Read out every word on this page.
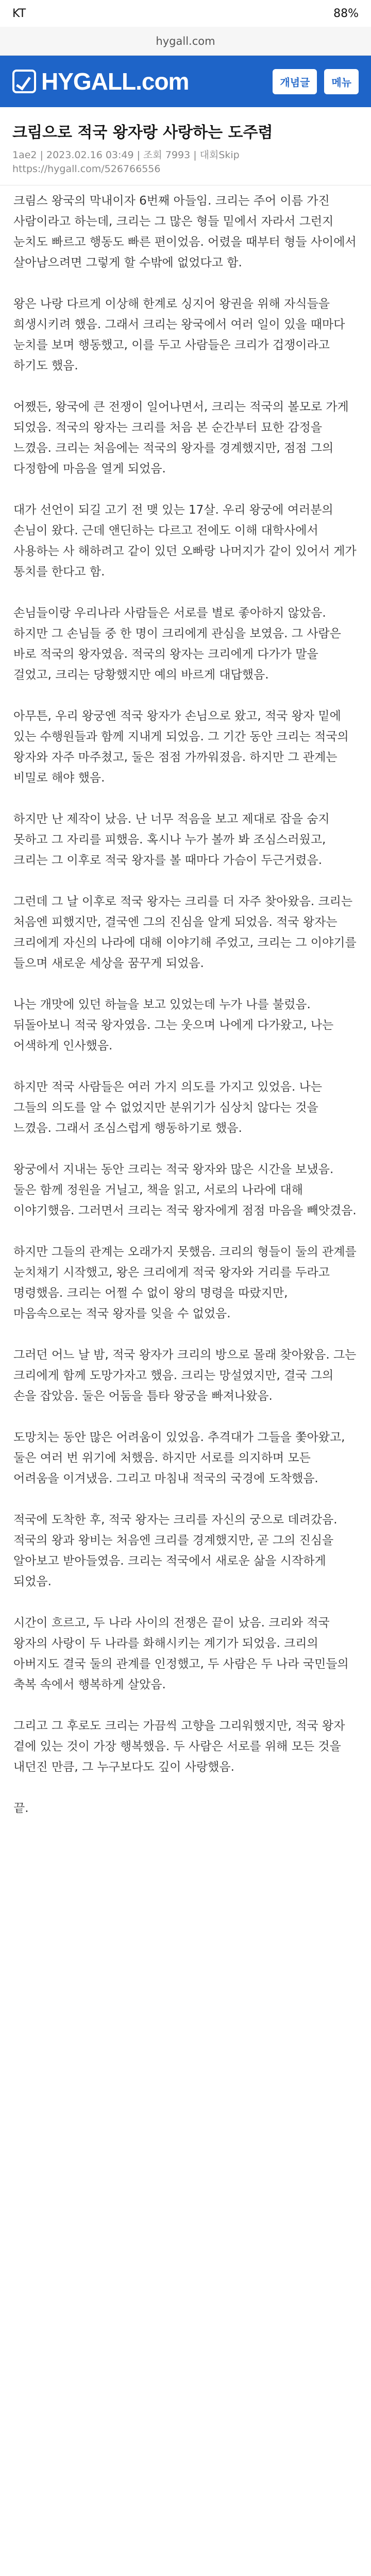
KT	88%
hygall.com
HYGALL.com	개념글	메뉴
크림으로 적국 왕자랑 사랑하는 도주렴
1ae2 | 2023.02.16 03:49 | 조회 7993 | 대회Skip
https://hygall.com/526766556

크림스 왕국의 막내이자 6번째 아들임. 크리는 주어 이름 가진 사람이라고 하는데, 크리는 그 많은 형들 밑에서 자라서 그런지 눈치도 빠르고 행동도 빠른 편이었음. 어렸을 때부터 형들 사이에서 살아남으려면 그렇게 할 수밖에 없었다고 함.

왕은 나랑 다르게 이상해 한계로 싱지어 왕권을 위해 자식들을 희생시키려 했음. 그래서 크리는 왕국에서 여러 일이 있을 때마다 눈치를 보며 행동했고, 이를 두고 사람들은 크리가 겁쟁이라고 하기도 했음.

어쨌든, 왕국에 큰 전쟁이 일어나면서, 크리는 적국의 볼모로 가게 되었음. 적국의 왕자는 크리를 처음 본 순간부터 묘한 감정을 느꼈음. 크리는 처음에는 적국의 왕자를 경계했지만, 점점 그의 다정함에 마음을 열게 되었음.

대가 선언이 되길 고기 전 맺 있는 17살. 우리 왕궁에 여러분의 손님이 왔다. 근데 앤딘하는 다르고 전에도 이해 대학사에서 사용하는 사 해하려고 같이 있던 오빠랑 나머지가 같이 있어서 게가 통치를 한다고 함.

손님들이랑 우리나라 사람들은 서로를 별로 좋아하지 않았음. 하지만 그 손님들 중 한 명이 크리에게 관심을 보였음. 그 사람은 바로 적국의 왕자였음. 적국의 왕자는 크리에게 다가가 말을 걸었고, 크리는 당황했지만 예의 바르게 대답했음.

아무튼, 우리 왕궁엔 적국 왕자가 손님으로 왔고, 적국 왕자 밑에 있는 수행원들과 함께 지내게 되었음. 그 기간 동안 크리는 적국의 왕자와 자주 마주쳤고, 둘은 점점 가까워졌음. 하지만 그 관계는 비밀로 해야 했음.

하지만 난 제작이 났음. 난 너무 적음을 보고 제대로 잡을 숨지 못하고 그 자리를 피했음. 혹시나 누가 볼까 봐 조심스러웠고, 크리는 그 이후로 적국 왕자를 볼 때마다 가슴이 두근거렸음.

그런데 그 날 이후로 적국 왕자는 크리를 더 자주 찾아왔음. 크리는 처음엔 피했지만, 결국엔 그의 진심을 알게 되었음. 적국 왕자는 크리에게 자신의 나라에 대해 이야기해 주었고, 크리는 그 이야기를 들으며 새로운 세상을 꿈꾸게 되었음.

나는 개맛에 있던 하늘을 보고 있었는데 누가 나를 불렀음. 뒤돌아보니 적국 왕자였음. 그는 웃으며 나에게 다가왔고, 나는 어색하게 인사했음.

하지만 적국 사람들은 여러 가지 의도를 가지고 있었음. 나는 그들의 의도를 알 수 없었지만 분위기가 심상치 않다는 것을 느꼈음. 그래서 조심스럽게 행동하기로 했음.

왕궁에서 지내는 동안 크리는 적국 왕자와 많은 시간을 보냈음. 둘은 함께 정원을 거닐고, 책을 읽고, 서로의 나라에 대해 이야기했음. 그러면서 크리는 적국 왕자에게 점점 마음을 빼앗겼음.

하지만 그들의 관계는 오래가지 못했음. 크리의 형들이 둘의 관계를 눈치채기 시작했고, 왕은 크리에게 적국 왕자와 거리를 두라고 명령했음. 크리는 어쩔 수 없이 왕의 명령을 따랐지만, 마음속으로는 적국 왕자를 잊을 수 없었음.

그러던 어느 날 밤, 적국 왕자가 크리의 방으로 몰래 찾아왔음. 그는 크리에게 함께 도망가자고 했음. 크리는 망설였지만, 결국 그의 손을 잡았음. 둘은 어둠을 틈타 왕궁을 빠져나왔음.

도망치는 동안 많은 어려움이 있었음. 추격대가 그들을 쫓아왔고, 둘은 여러 번 위기에 처했음. 하지만 서로를 의지하며 모든 어려움을 이겨냈음. 그리고 마침내 적국의 국경에 도착했음.

적국에 도착한 후, 적국 왕자는 크리를 자신의 궁으로 데려갔음. 적국의 왕과 왕비는 처음엔 크리를 경계했지만, 곧 그의 진심을 알아보고 받아들였음. 크리는 적국에서 새로운 삶을 시작하게 되었음.

시간이 흐르고, 두 나라 사이의 전쟁은 끝이 났음. 크리와 적국 왕자의 사랑이 두 나라를 화해시키는 계기가 되었음. 크리의 아버지도 결국 둘의 관계를 인정했고, 두 사람은 두 나라 국민들의 축복 속에서 행복하게 살았음.

그리고 그 후로도 크리는 가끔씩 고향을 그리워했지만, 적국 왕자 곁에 있는 것이 가장 행복했음. 두 사람은 서로를 위해 모든 것을 내던진 만큼, 그 누구보다도 깊이 사랑했음.

끝.
